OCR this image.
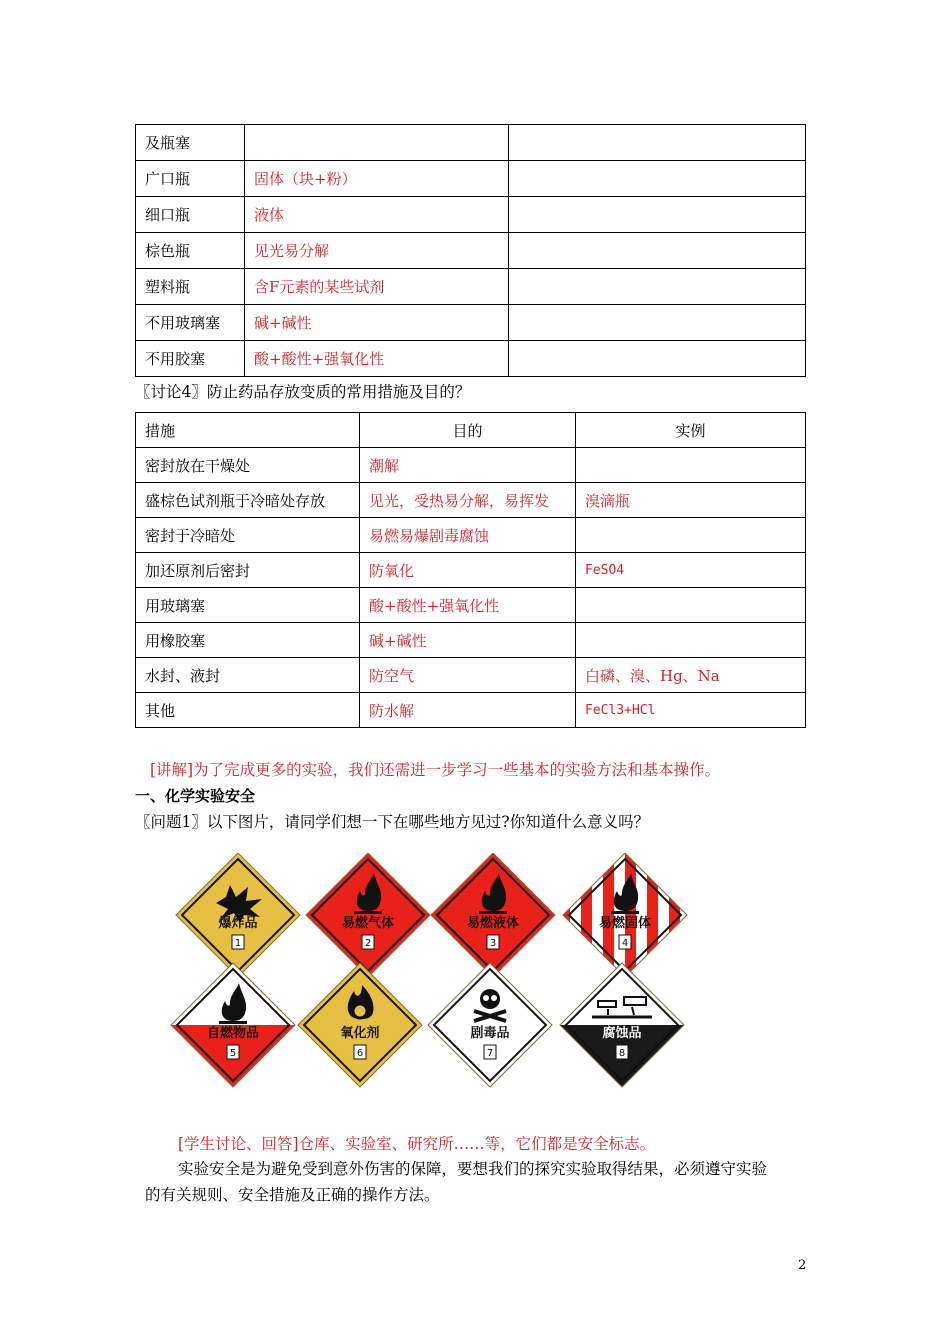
及瓶塞		
广口瓶	固体（块+粉）	
细口瓶	液体	
棕色瓶	见光易分解	
塑料瓶	含F元素的某些试剂	
不用玻璃塞	碱+碱性	
不用胶塞	酸+酸性+强氧化性	
〖讨论4〗防止药品存放变质的常用措施及目的？
措施	目的	实例
密封放在干燥处	潮解	
盛棕色试剂瓶于冷暗处存放	见光，受热易分解，易挥发	溴滴瓶
密封于冷暗处	易燃易爆剧毒腐蚀	
加还原剂后密封	防氧化	FeSO4
用玻璃塞	酸+酸性+强氧化性	
用橡胶塞	碱+碱性	
水封、液封	防空气	白磷、溴、Hg、Na
其他	防水解	FeCl3+HCl
[讲解]为了完成更多的实验，我们还需进一步学习一些基本的实验方法和基本操作。
一、化学实验安全
〖问题1〗以下图片，请同学们想一下在哪些地方见过?你知道什么意义吗？
爆炸品
1
易燃气体
2
易燃液体
3
易燃固体
4
自燃物品
5
氧化剂
6
剧毒品
7
腐蚀品
8
[学生讨论、回答]仓库、实验室、研究所……等，它们都是安全标志。
实验安全是为避免受到意外伤害的保障，要想我们的探究实验取得结果，必须遵守实验
的有关规则、安全措施及正确的操作方法。
2
